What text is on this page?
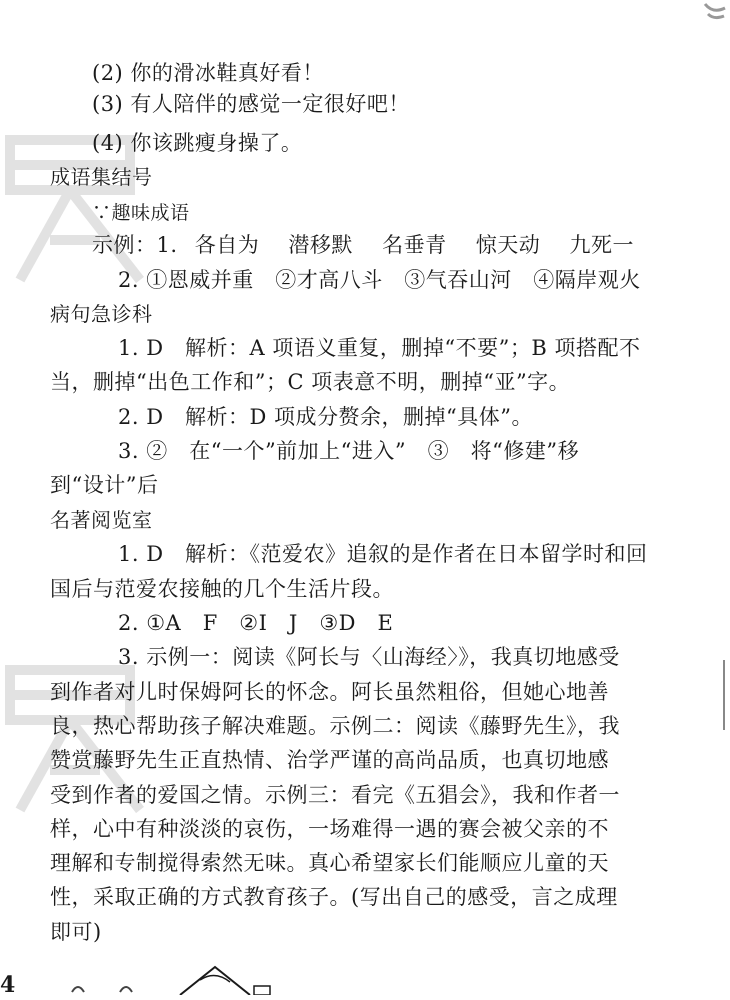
(2) 你的滑冰鞋真好看！
(3) 有人陪伴的感觉一定很好吧！
(4) 你该跳瘦身操了。
成语集结号
∵趣味成语
示例：1. 各自为 潜移默 名垂青 惊天动 九死一
2. ①恩威并重　②才高八斗　③气吞山河　④隔岸观火
病句急诊科
1. D　解析：A 项语义重复，删掉“不要”；B 项搭配不
当，删掉“出色工作和”；C 项表意不明，删掉“亚”字。
2. D　解析：D 项成分赘余，删掉“具体”。
3. ②　在“一个”前加上“进入”　③　将“修建”移
到“设计”后
名著阅览室
1. D　解析：《范爱农》追叙的是作者在日本留学时和回
国后与范爱农接触的几个生活片段。
2. ①A　F　②I　J　③D　E
3. 示例一：阅读《阿长与〈山海经〉》，我真切地感受
到作者对儿时保姆阿长的怀念。阿长虽然粗俗，但她心地善
良，热心帮助孩子解决难题。示例二：阅读《藤野先生》，我
赞赏藤野先生正直热情、治学严谨的高尚品质，也真切地感
受到作者的爱国之情。示例三：看完《五猖会》，我和作者一
样，心中有种淡淡的哀伤，一场难得一遇的赛会被父亲的不
理解和专制搅得索然无味。真心希望家长们能顺应儿童的天
性，采取正确的方式教育孩子。(写出自己的感受，言之成理
即可)
4
